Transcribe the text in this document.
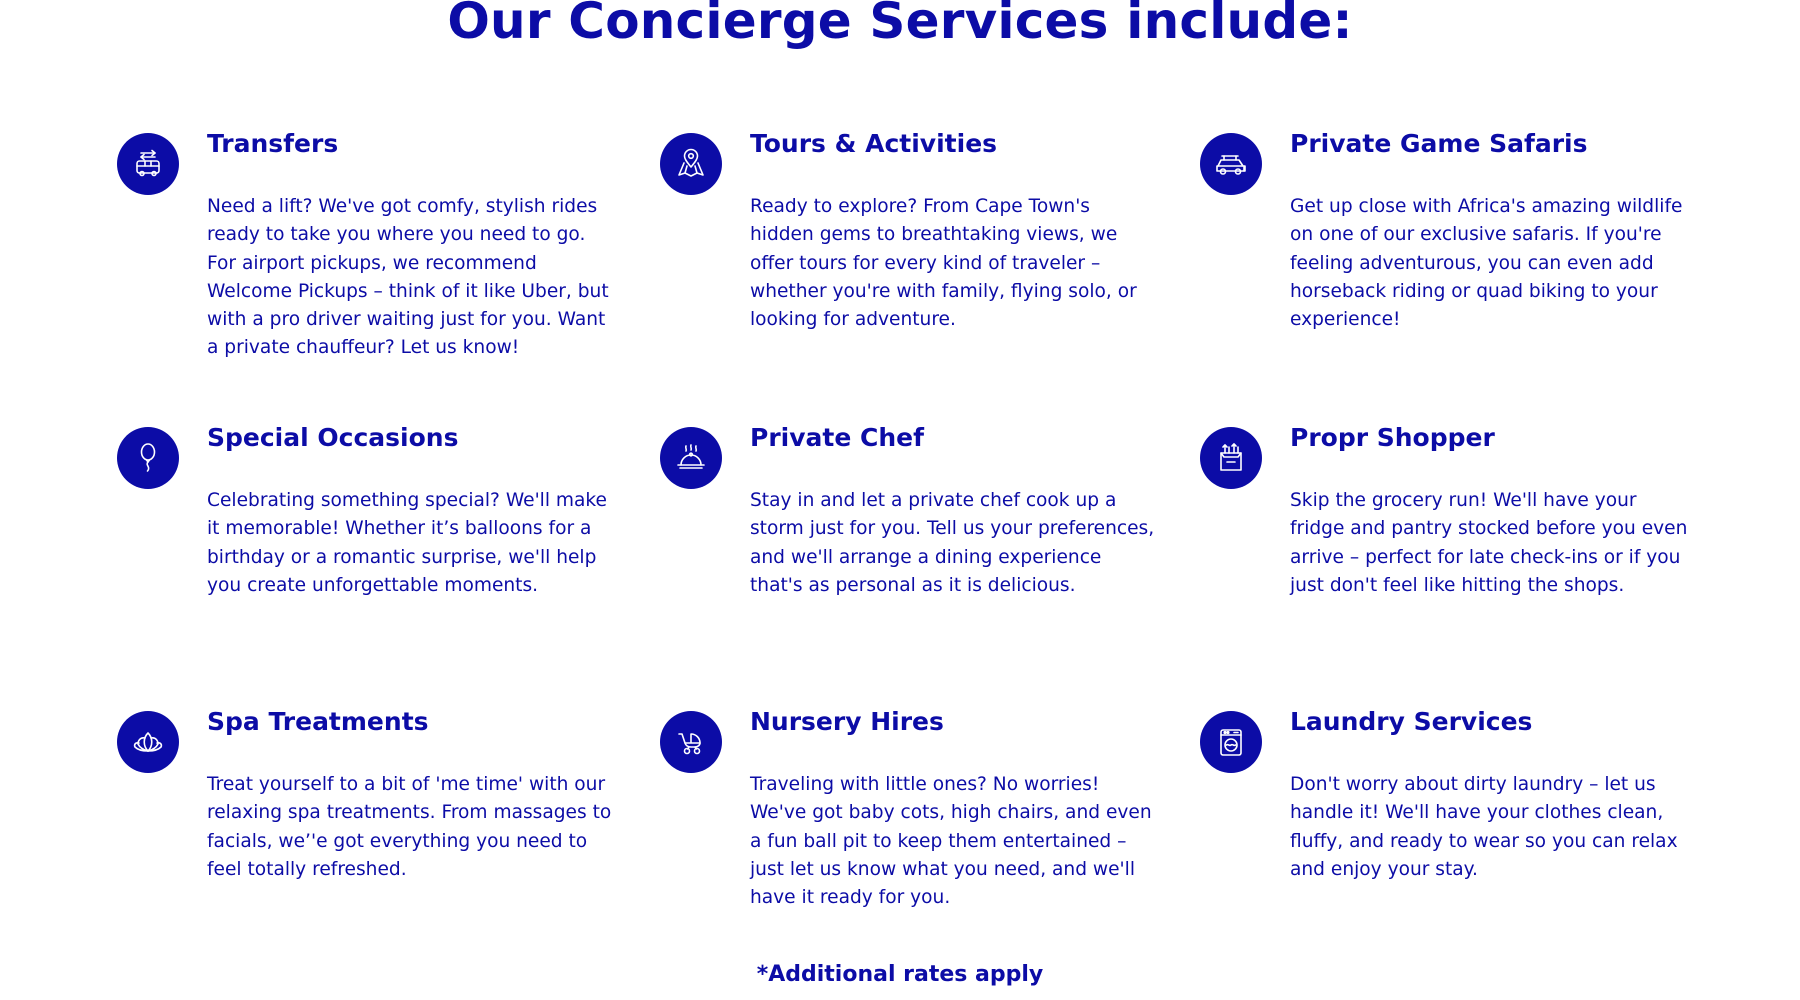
Our Concierge Services include:
Transfers

Need a lift? We've got comfy, stylish rides ready to take you where you need to go. For airport pickups, we recommend Welcome Pickups – think of it like Uber, but with a pro driver waiting just for you. Want a private chauffeur? Let us know!

Tours & Activities

Ready to explore? From Cape Town's hidden gems to breathtaking views, we offer tours for every kind of traveler – whether you're with family, flying solo, or looking for adventure.

Private Game Safaris

Get up close with Africa's amazing wildlife on one of our exclusive safaris. If you're feeling adventurous, you can even add horseback riding or quad biking to your experience!

Special Occasions

Celebrating something special? We'll make it memorable! Whether it’s balloons for a birthday or a romantic surprise, we'll help you create unforgettable moments.

Private Chef

Stay in and let a private chef cook up a storm just for you. Tell us your preferences, and we'll arrange a dining experience that's as personal as it is delicious.

Propr Shopper

Skip the grocery run! We'll have your fridge and pantry stocked before you even arrive – perfect for late check-ins or if you just don't feel like hitting the shops.

Spa Treatments

Treat yourself to a bit of 'me time' with our relaxing spa treatments. From massages to facials, we’'e got everything you need to feel totally refreshed.

Nursery Hires

Traveling with little ones? No worries! We've got baby cots, high chairs, and even a fun ball pit to keep them entertained – just let us know what you need, and we'll have it ready for you.

Laundry Services

Don't worry about dirty laundry – let us handle it! We'll have your clothes clean, fluffy, and ready to wear so you can relax and enjoy your stay.

*Additional rates apply
